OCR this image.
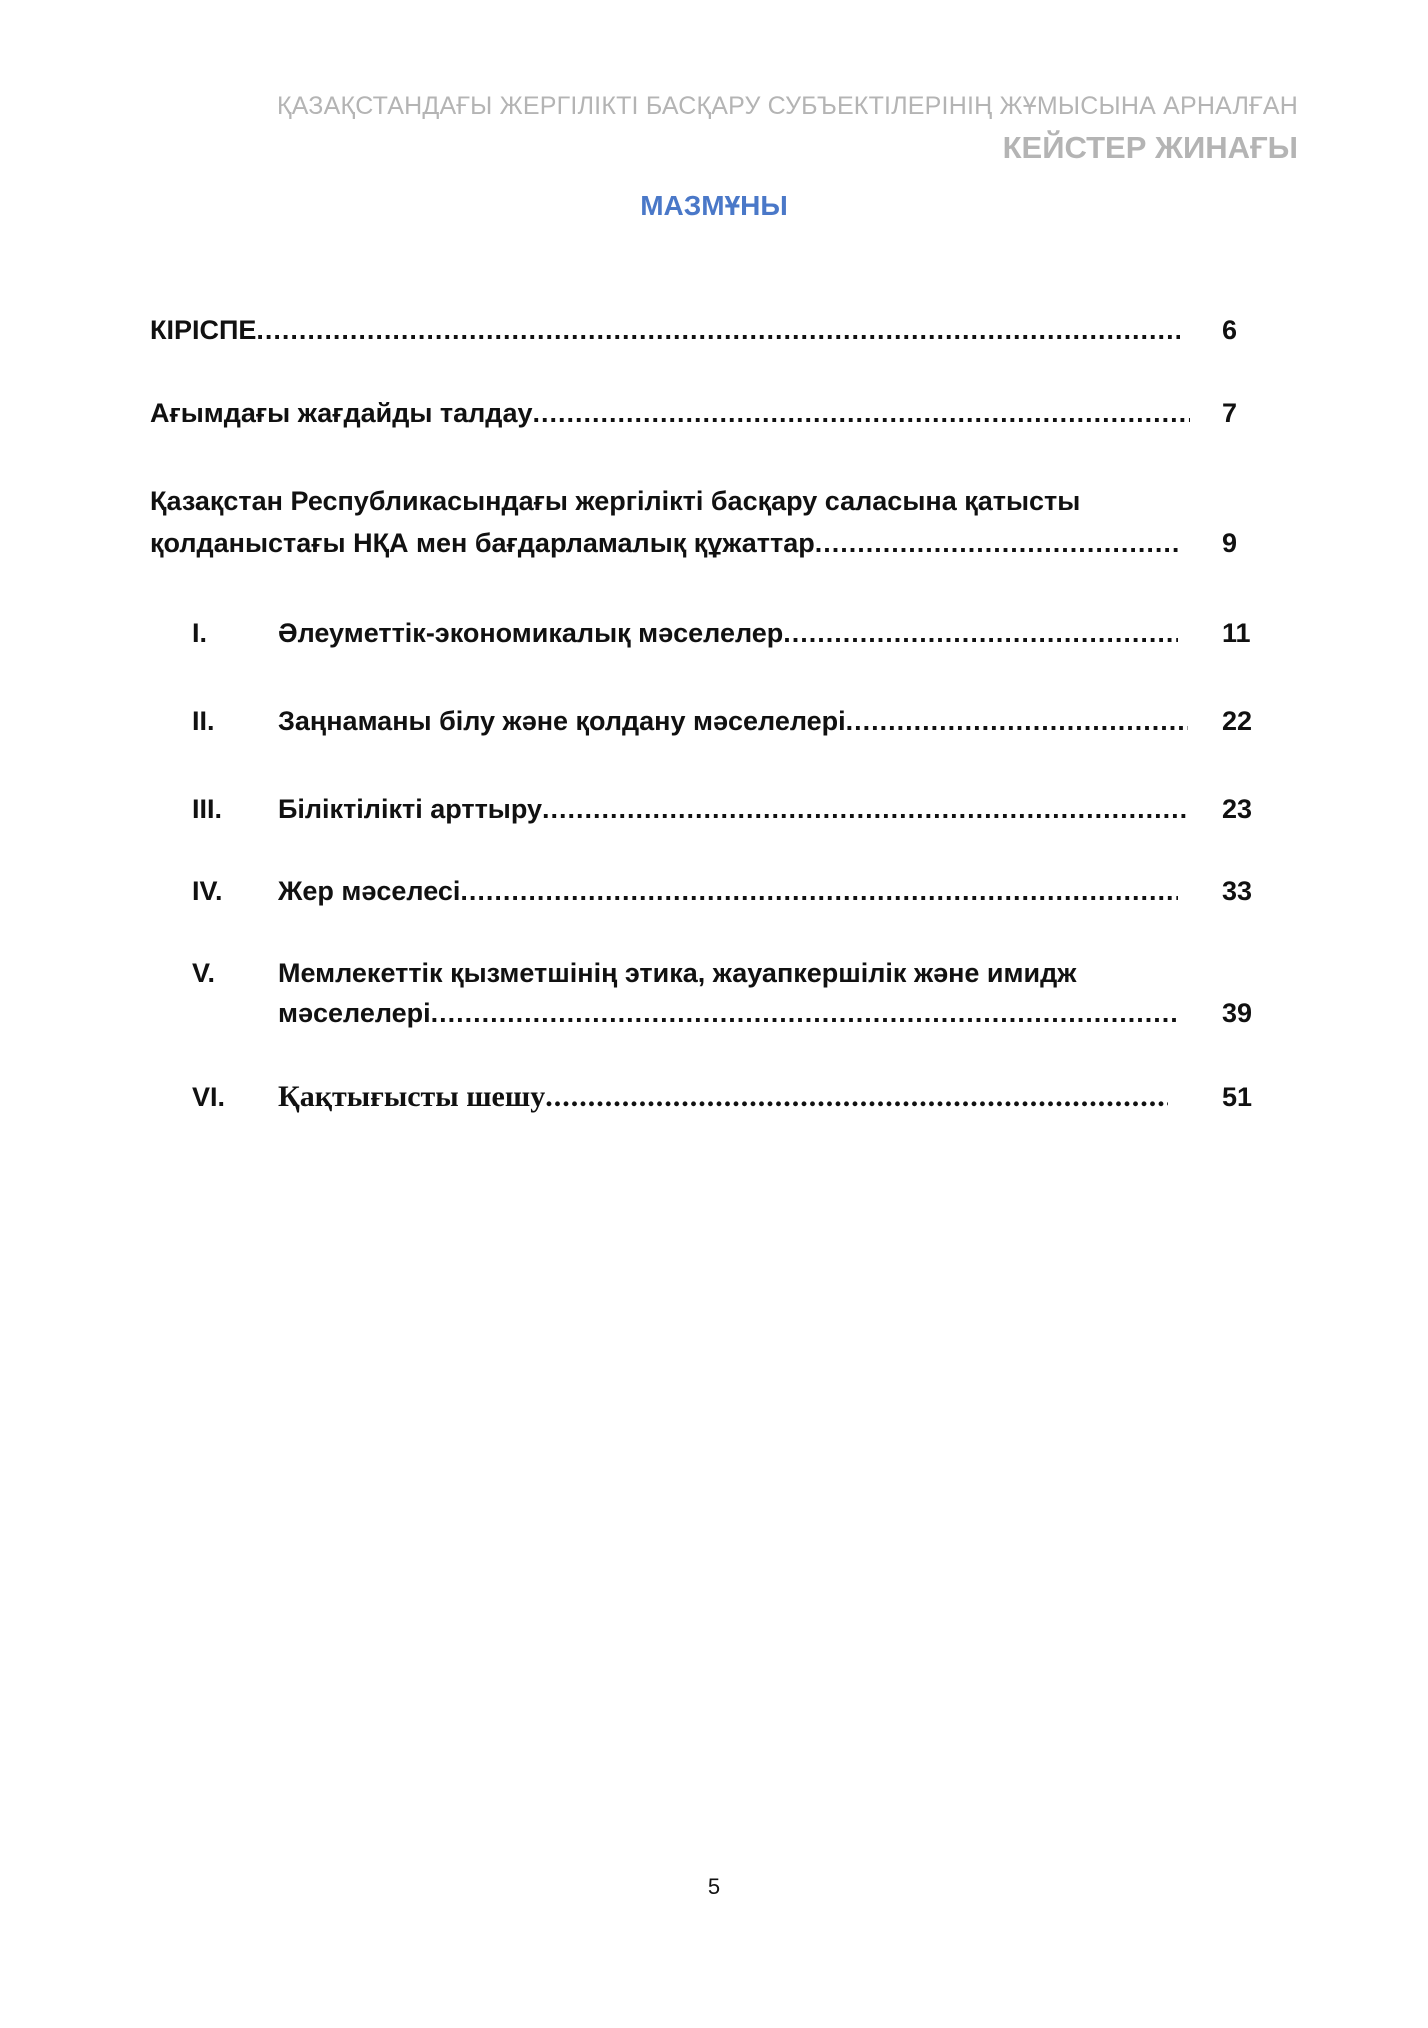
ҚАЗАҚСТАНДАҒЫ ЖЕРГІЛІКТІ БАСҚАРУ СУБЪЕКТІЛЕРІНІҢ ЖҰМЫСЫНА АРНАЛҒАН
КЕЙСТЕР ЖИНАҒЫ
МАЗМҰНЫ
КІРІСПЕ .....	6
Ағымдағы жағдайды талдау .....	7
Қазақстан Республикасындағы жергілікті басқару саласына қатысты
қолданыстағы НҚА мен бағдарламалық құжаттар .....	9
I.	Әлеуметтік-экономикалық мәселелер .....	11
II. Заңнаманы білу және қолдану мәселелері .....	22
III. Біліктілікті арттыру .....	23
IV. Жер мәселесі .....	33
V. Мемлекеттік қызметшінің этика, жауапкершілік және имидж
мәселелері .....	39
VI. Қақтығысты шешу .....	51
5
